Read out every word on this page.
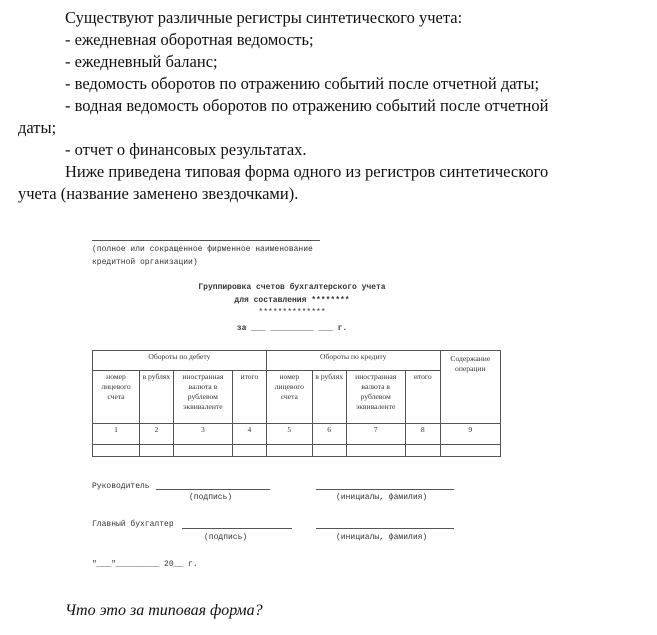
Существуют различные регистры синтетического учета:

- ежедневная оборотная ведомость;

- ежедневный баланс;

- ведомость оборотов по отражению событий после отчетной даты;

- водная ведомость оборотов по отражению событий после отчетной

даты;

- отчет о финансовых результатах.

Ниже приведена типовая форма одного из регистров синтетического

учета (название заменено звездочками).

(полное или сокращенное фирменное наименование
кредитной организации)
Группировка счетов бухгалтерского учета
для составления ********
**************
за ___ _________ ___ г.
Обороты по дебету				Обороты по кредиту				Содержание операции
номер лицевого счета	в рублях	иностранная валюта в рублевом эквиваленте	итого	номер лицевого счета	в рублях	иностранная валюта в рублевом эквиваленте	итого	
1	2	3	4	5	6	7	8	9

Руководитель
(подпись)	(инициалы, фамилия)
Главный бухгалтер
(подпись)	(инициалы, фамилия)
"___"_________ 20__ г.
Что это за типовая форма?
